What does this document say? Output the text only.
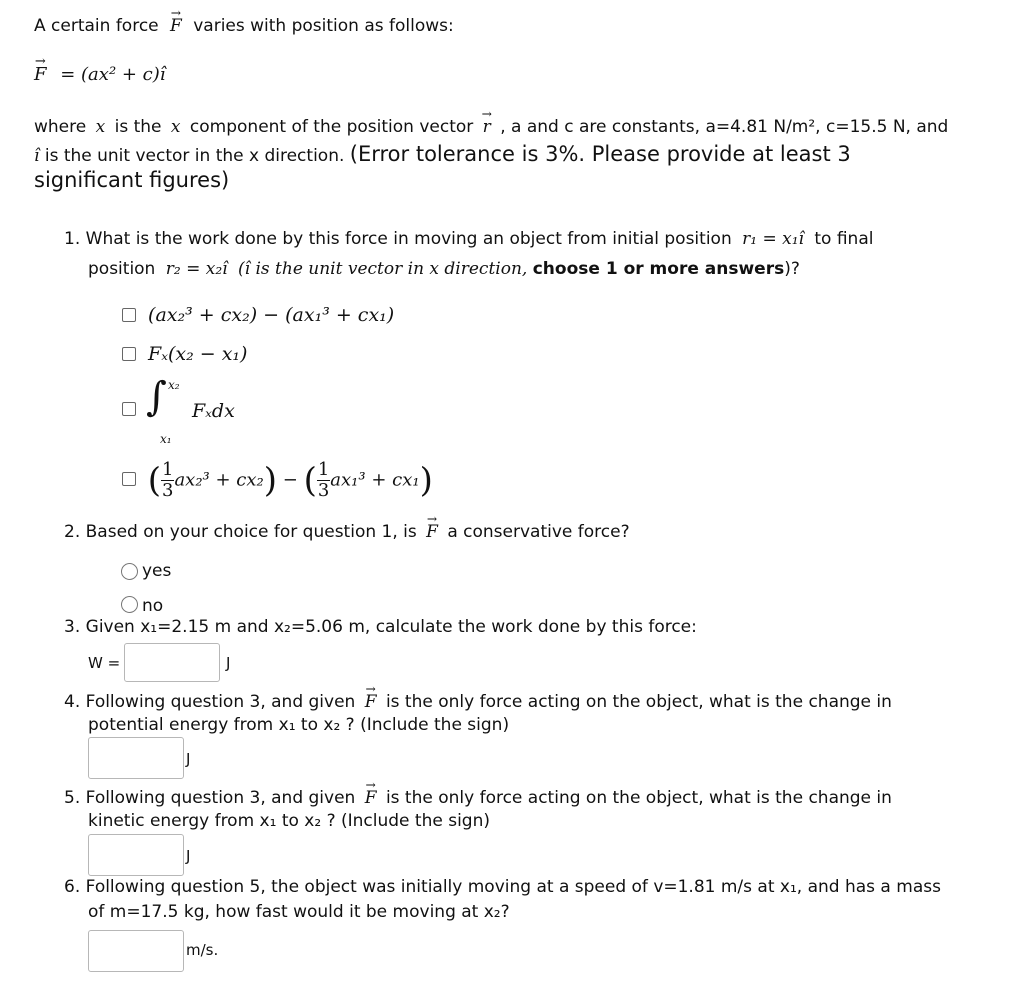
A certain force → F varies with position as follows:
→ F = (ax² + c)î
where x is the x component of the position vector → r , a and c are constants, a=4.81 N/m², c=15.5 N, and
î is the unit vector in the x direction. (Error tolerance is 3%. Please provide at least 3
significant figures)
1. What is the work done by this force in moving an object from initial position r₁ = x₁î to final
position r₂ = x₂î (î is the unit vector in x direction, choose 1 or more answers)?
(ax₂³ + cx₂) − (ax₁³ + cx₁)
Fₓ(x₂ − x₁)
∫ x₂
x₁
Fₓdx
( $\frac{1}{3} ax_2^3 + cx_2$) − ( $\frac{1}{3} ax_1^3 + cx_1$)
2. Based on your choice for question 1, is → F a conservative force?
yes
no
3. Given x₁=2.15 m and x₂=5.06 m, calculate the work done by this force:
W =	J
4. Following question 3, and given → F is the only force acting on the object, what is the change in
potential energy from x₁ to x₂ ? (Include the sign)
J
5. Following question 3, and given → F is the only force acting on the object, what is the change in
kinetic energy from x₁ to x₂ ? (Include the sign)
J
6. Following question 5, the object was initially moving at a speed of v=1.81 m/s at x₁, and has a mass
of m=17.5 kg, how fast would it be moving at x₂?
m/s.
